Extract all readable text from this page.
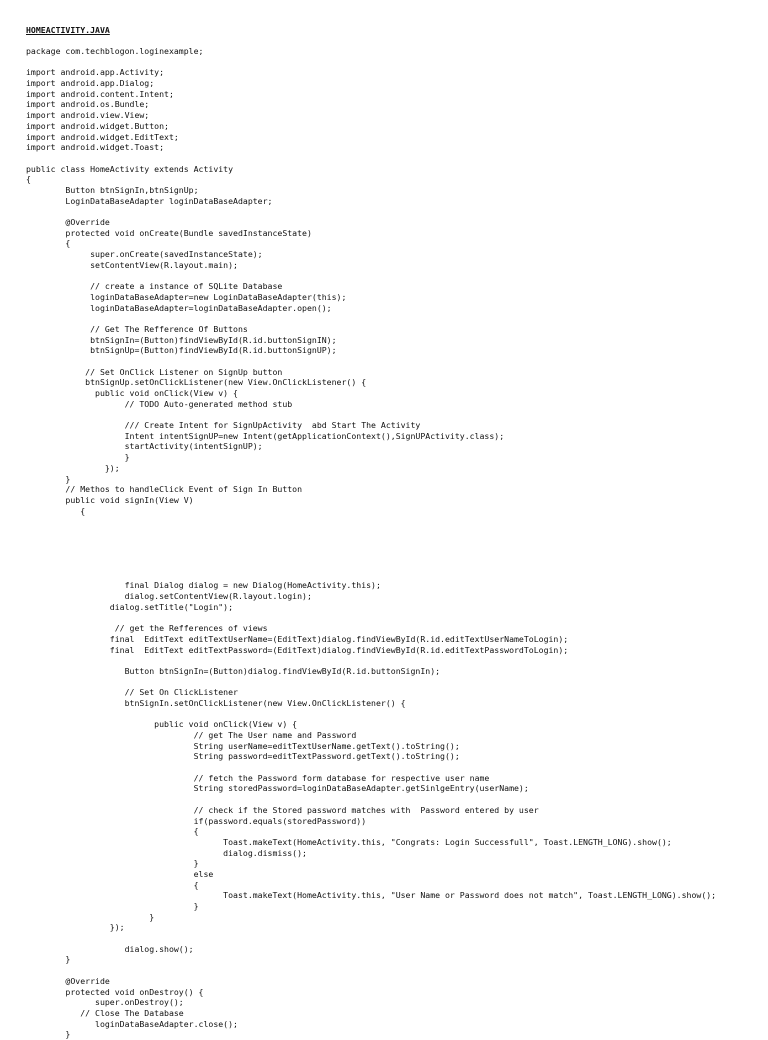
HOMEACTIVITY.JAVA
package com.techblogon.loginexample;
import android.app.Activity;
import android.app.Dialog;
import android.content.Intent;
import android.os.Bundle;
import android.view.View;
import android.widget.Button;
import android.widget.EditText;
import android.widget.Toast;
public class HomeActivity extends Activity
{
Button btnSignIn,btnSignUp;
LoginDataBaseAdapter loginDataBaseAdapter;
@Override
protected void onCreate(Bundle savedInstanceState)
{
super.onCreate(savedInstanceState);
setContentView(R.layout.main);
// create a instance of SQLite Database
loginDataBaseAdapter=new LoginDataBaseAdapter(this);
loginDataBaseAdapter=loginDataBaseAdapter.open();
// Get The Refference Of Buttons
btnSignIn=(Button)findViewById(R.id.buttonSignIN);
btnSignUp=(Button)findViewById(R.id.buttonSignUP);
// Set OnClick Listener on SignUp button
btnSignUp.setOnClickListener(new View.OnClickListener() {
public void onClick(View v) {
// TODO Auto-generated method stub
/// Create Intent for SignUpActivity  abd Start The Activity
Intent intentSignUP=new Intent(getApplicationContext(),SignUPActivity.class);
startActivity(intentSignUP);
}
});
}
// Methos to handleClick Event of Sign In Button
public void signIn(View V)
{
final Dialog dialog = new Dialog(HomeActivity.this);
dialog.setContentView(R.layout.login);
dialog.setTitle("Login");
// get the Refferences of views
final  EditText editTextUserName=(EditText)dialog.findViewById(R.id.editTextUserNameToLogin);
final  EditText editTextPassword=(EditText)dialog.findViewById(R.id.editTextPasswordToLogin);
Button btnSignIn=(Button)dialog.findViewById(R.id.buttonSignIn);
// Set On ClickListener
btnSignIn.setOnClickListener(new View.OnClickListener() {
public void onClick(View v) {
// get The User name and Password
String userName=editTextUserName.getText().toString();
String password=editTextPassword.getText().toString();
// fetch the Password form database for respective user name
String storedPassword=loginDataBaseAdapter.getSinlgeEntry(userName);
// check if the Stored password matches with  Password entered by user
if(password.equals(storedPassword))
{
Toast.makeText(HomeActivity.this, "Congrats: Login Successfull", Toast.LENGTH_LONG).show();
dialog.dismiss();
}
else
{
Toast.makeText(HomeActivity.this, "User Name or Password does not match", Toast.LENGTH_LONG).show();
}
}
});
dialog.show();
}
@Override
protected void onDestroy() {
super.onDestroy();
// Close The Database
loginDataBaseAdapter.close();
}
